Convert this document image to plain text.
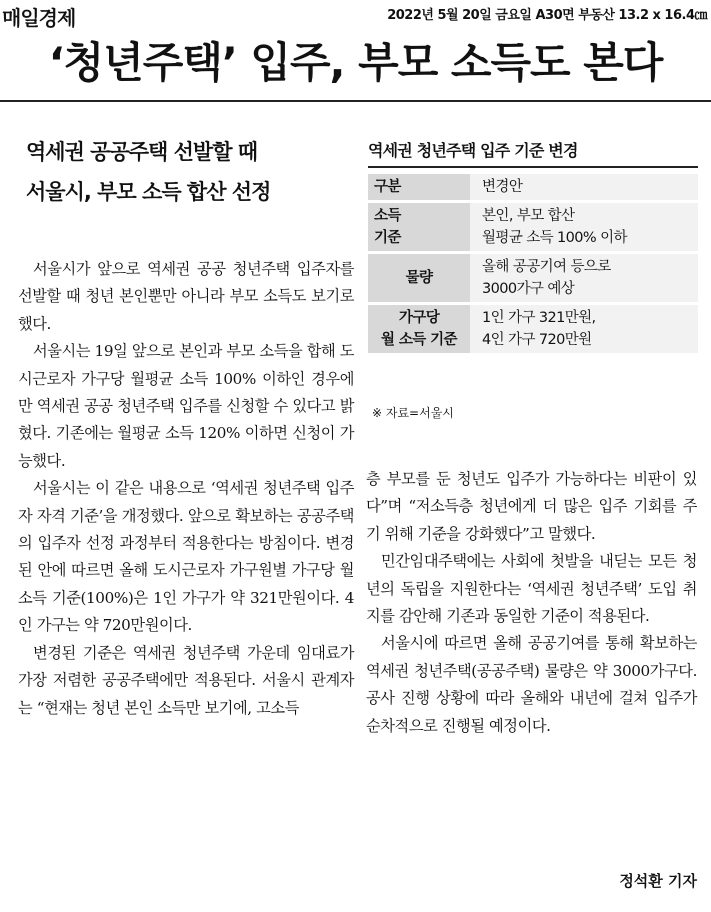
매일경제	2022년 5월 20일 금요일 A30면 부동산 13.2 x 16.4㎝
‘청년주택’ 입주, 부모 소득도 본다
역세권 공공주택 선발할 때
서울시, 부모 소득 합산 선정

서울시가 앞으로 역세권 공공 청년주택 입주자를 선발할 때 청년 본인뿐만 아니라 부모 소득도 보기로 했다.

서울시는 19일 앞으로 본인과 부모 소득을 합해 도시근로자 가구당 월평균 소득 100% 이하인 경우에만 역세권 공공 청년주택 입주를 신청할 수 있다고 밝혔다. 기존에는 월평균 소득 120% 이하면 신청이 가능했다.

서울시는 이 같은 내용으로 ‘역세권 청년주택 입주자 자격 기준’을 개정했다. 앞으로 확보하는 공공주택의 입주자 선정 과정부터 적용한다는 방침이다. 변경된 안에 따르면 올해 도시근로자 가구원별 가구당 월소득 기준(100%)은 1인 가구가 약 321만원이다. 4인 가구는 약 720만원이다.

변경된 기준은 역세권 청년주택 가운데 임대료가 가장 저렴한 공공주택에만 적용된다. 서울시 관계자는 “현재는 청년 본인 소득만 보기에, 고소득

역세권 청년주택 입주 기준 변경
구분	변경안
소득
기준	본인, 부모 합산
월평균 소득 100% 이하
물량	올해 공공기여 등으로
3000가구 예상
가구당
월 소득 기준	1인 가구 321만원,
4인 가구 720만원
※ 자료=서울시

층 부모를 둔 청년도 입주가 가능하다는 비판이 있다”며 “저소득층 청년에게 더 많은 입주 기회를 주기 위해 기준을 강화했다”고 말했다.

민간임대주택에는 사회에 첫발을 내딛는 모든 청년의 독립을 지원한다는 ‘역세권 청년주택’ 도입 취지를 감안해 기존과 동일한 기준이 적용된다.

서울시에 따르면 올해 공공기여를 통해 확보하는 역세권 청년주택(공공주택) 물량은 약 3000가구다. 공사 진행 상황에 따라 올해와 내년에 걸쳐 입주가 순차적으로 진행될 예정이다.

정석환 기자
